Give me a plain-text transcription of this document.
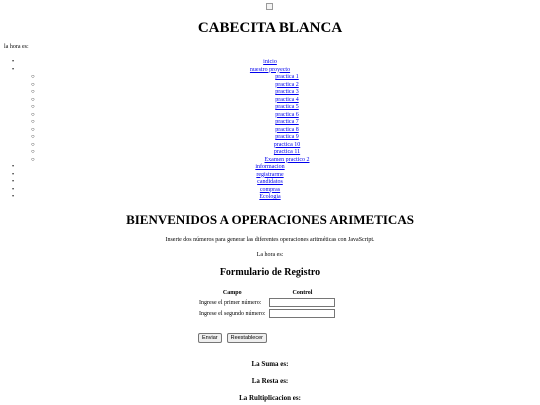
CABECITA BLANCA
la hora es:
•	inicio
•	nuestro proyecto
○	practica 1
○	practica 2
○	practica 3
○	practica 4
○	practica 5
○	practica 6
○	practica 7
○	practica 8
○	practica 9
○	practica 10
○	practica 11
○	Examen practico 2
•	informacion
•	registrarme
•	candidatos
•	compras
•	Ecologia
BIENVENIDOS A OPERACIONES ARIMETICAS

Inserte dos números para generar las diferentes operaciones aritméticas con JavaScript.

La hora es:
Formulario de Registro
Campo	Control
Ingrese el primer número:	
Ingrese el segundo número:	
Enviar Reestablecer
La Suma es:
La Resta es:
La Rultiplicacion es:
